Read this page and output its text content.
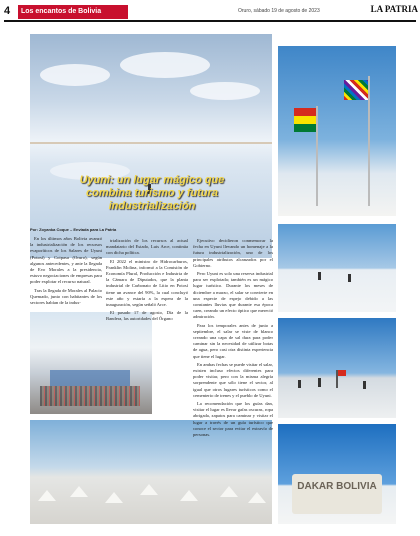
4	Los encantos de Bolivia	Oruro, sábado 19 de agosto de 2023	LA PATRIA
Uyuni: un lugar mágico que combina turismo y futura industrialización
Por: Zoyanka Coque – Enviada para La Patria
DAKAR BOLIVIA

En los últimos años Bolivia avanzó la industrialización de los recursos evaporíticos de los Salares de Uyuni (Potosí) y Coipasa (Oruro), según algunos antecedentes, y ante la llegada de Evo Morales a la presidencia, estuvo negociaciones de empresas para poder explotar el recurso natural.

Tras la llegada de Morales al Palacio Quemado, junto con habitantes de los sectores habían de la indus-

trialización de los recursos al actual mandatario del Estado, Luis Arce, continúa con dicha política.

El 2022 el ministro de Hidrocarburos, Franklin Molina, informó a la Comisión de Economía Plural, Producción e Industria de la Cámara de Diputados, que la planta industrial de Carbonato de Litio en Potosí tiene un avance del 90%, la cual concluyó este año y estaría a la espera de la inauguración, según señaló Arce.

El pasado 17 de agosto, Día de la Bandera, las autoridades del Órgano

Ejecutivo decidieron conmemorar la fecha en Uyuni llevando un homenaje a la futura industrialización, uno de los principales atributos alcanzados por el Gobierno.

Pero Uyuni es solo una reserva industrial para ser explotada; también es un mágico lugar turístico. Durante los meses de diciembre a marzo, el salar se convierte en una especie de espejo debido a las constantes lluvias que durante esa época caen, creando un efecto óptico que mereció admiración.

Para los temporales antes de junio a septiembre, el salar se viste de blanco creando una capa de sal dura para poder caminar sin la necesidad de utilizar botas de agua, pero casi otra distinta experiencia que tiene el lugar.

En ambas fechas se puede visitar el salar, existen incluso efectos diferentes para poder visitar, pero con la misma alegría sorprendente que sólo tiene el sector, al igual que otros lugares turísticos como el cementerio de trenes y el pueblo de Uyuni.

La recomendación que los guías dan, visitar el lugar es llevar gafas oscuras, ropa abrigada, zapatos para caminar y visitar el lugar a través de un guía turístico que conoce el sector para evitar el extravío de personas.
